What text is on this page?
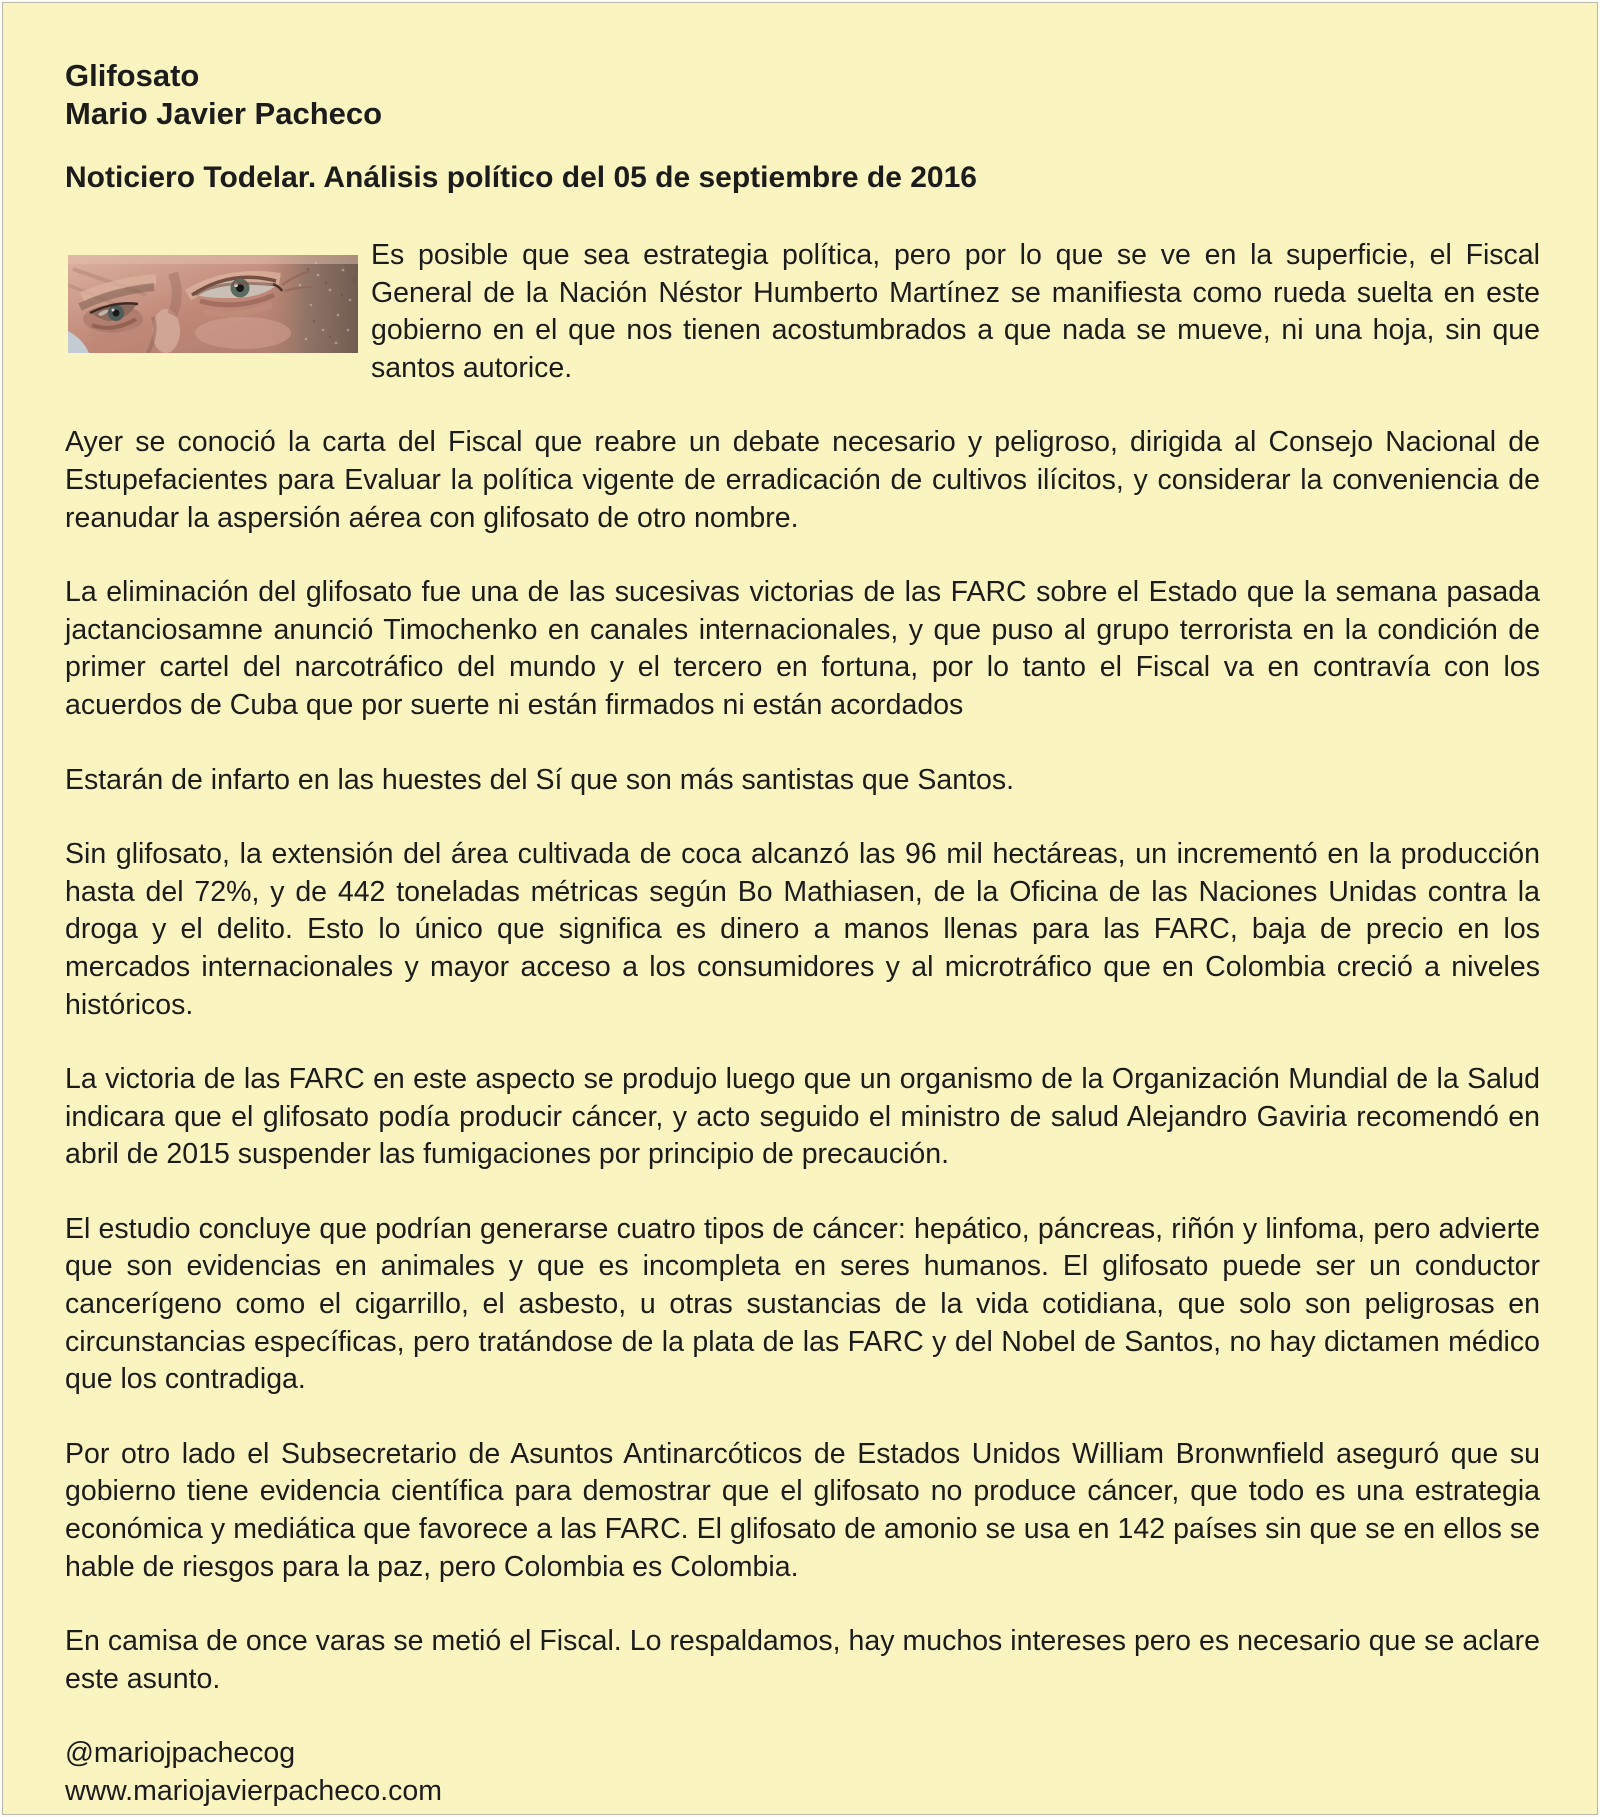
Glifosato
Mario Javier Pacheco
Noticiero Todelar. Análisis político del 05 de septiembre de 2016

Es posible que sea estrategia política, pero por lo que se ve en la superficie, el Fiscal General de la Nación Néstor Humberto Martínez se manifiesta como rueda suelta en este gobierno en el que nos tienen acostumbrados a que nada se mueve, ni una hoja, sin que santos autorice.

Ayer se conoció la carta del Fiscal que reabre un debate necesario y peligroso, dirigida al Consejo Nacional de Estupefacientes para Evaluar la política vigente de erradicación de cultivos ilícitos, y considerar la conveniencia de reanudar la aspersión aérea con glifosato de otro nombre.

La eliminación del glifosato fue una de las sucesivas victorias de las FARC sobre el Estado que la semana pasada jactanciosamne anunció Timochenko en canales internacionales, y que puso al grupo terrorista en la condición de primer cartel del narcotráfico del mundo y el tercero en fortuna, por lo tanto el Fiscal va en contravía con los acuerdos de Cuba que por suerte ni están firmados ni están acordados

Estarán de infarto en las huestes del Sí que son más santistas que Santos.

Sin glifosato, la extensión del área cultivada de coca alcanzó las 96 mil hectáreas, un incrementó en la producción hasta del 72%, y de 442 toneladas métricas según Bo Mathiasen, de la Oficina de las Naciones Unidas contra la droga y el delito. Esto lo único que significa es dinero a manos llenas para las FARC, baja de precio en los mercados internacionales y mayor acceso a los consumidores y al microtráfico que en Colombia creció a niveles históricos.

La victoria de las FARC en este aspecto se produjo luego que un organismo de la Organización Mundial de la Salud indicara que el glifosato podía producir cáncer, y acto seguido el ministro de salud Alejandro Gaviria recomendó en abril de 2015 suspender las fumigaciones por principio de precaución.

El estudio concluye que podrían generarse cuatro tipos de cáncer: hepático, páncreas, riñón y linfoma, pero advierte que son evidencias en animales y que es incompleta en seres humanos. El glifosato puede ser un conductor cancerígeno como el cigarrillo, el asbesto, u otras sustancias de la vida cotidiana, que solo son peligrosas en circunstancias específicas, pero tratándose de la plata de las FARC y del Nobel de Santos, no hay dictamen médico que los contradiga.

Por otro lado el Subsecretario de Asuntos Antinarcóticos de Estados Unidos William Bronwnfield aseguró que su gobierno tiene evidencia científica para demostrar que el glifosato no produce cáncer, que todo es una estrategia económica y mediática que favorece a las FARC. El glifosato de amonio se usa en 142 países sin que se en ellos se hable de riesgos para la paz, pero Colombia es Colombia.

En camisa de once varas se metió el Fiscal. Lo respaldamos, hay muchos intereses pero es necesario que se aclare este asunto.

@mariojpachecog
www.mariojavierpacheco.com
